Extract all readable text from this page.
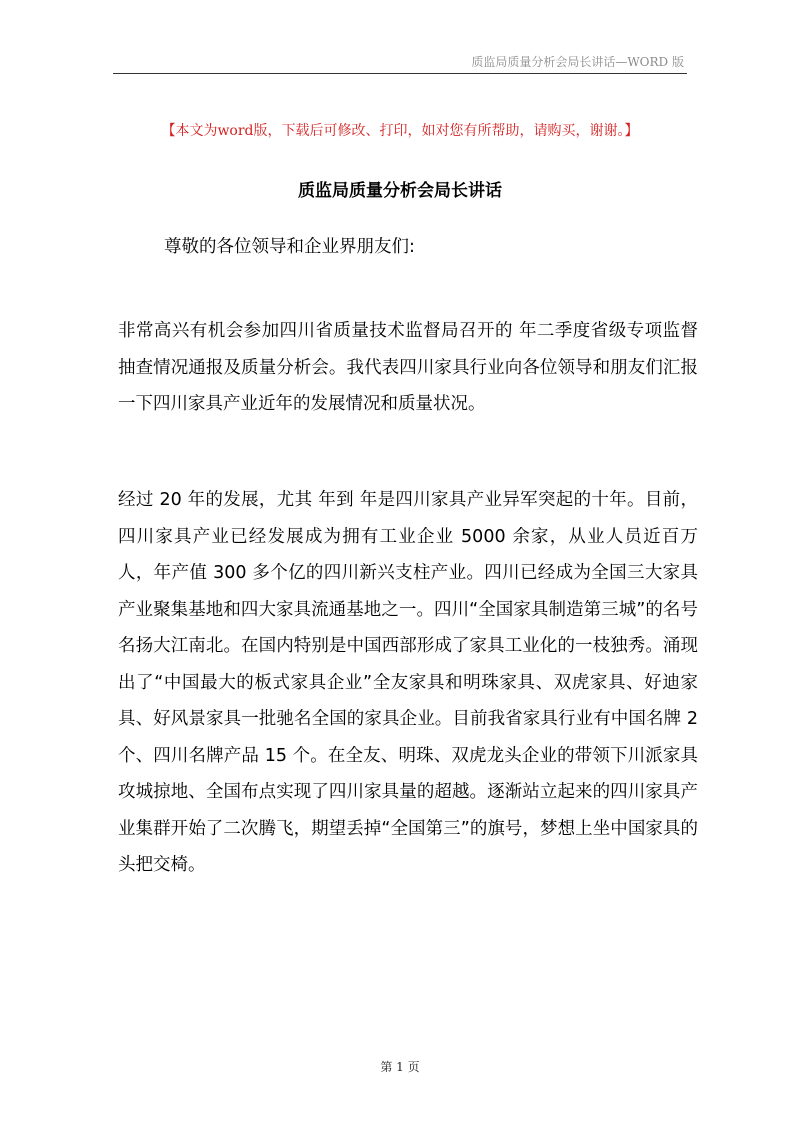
质监局质量分析会局长讲话—WORD 版
【本文为word版，下载后可修改、打印，如对您有所帮助，请购买，谢谢。】
质监局质量分析会局长讲话
尊敬的各位领导和企业界朋友们:

非常高兴有机会参加四川省质量技术监督局召开的 年二季度省级专项监督抽查情况通报及质量分析会。我代表四川家具行业向各位领导和朋友们汇报一下四川家具产业近年的发展情况和质量状况。

经过 20 年的发展，尤其 年到 年是四川家具产业异军突起的十年。目前，四川家具产业已经发展成为拥有工业企业 5000 余家，从业人员近百万人，年产值 300 多个亿的四川新兴支柱产业。四川已经成为全国三大家具产业聚集基地和四大家具流通基地之一。四川“全国家具制造第三城”的名号名扬大江南北。在国内特别是中国西部形成了家具工业化的一枝独秀。涌现出了“中国最大的板式家具企业”全友家具和明珠家具、双虎家具、好迪家具、好风景家具一批驰名全国的家具企业。目前我省家具行业有中国名牌 2 个、四川名牌产品 15 个。在全友、明珠、双虎龙头企业的带领下川派家具攻城掠地、全国布点实现了四川家具量的超越。逐渐站立起来的四川家具产业集群开始了二次腾飞，期望丢掉“全国第三”的旗号，梦想上坐中国家具的头把交椅。

第 1 页
